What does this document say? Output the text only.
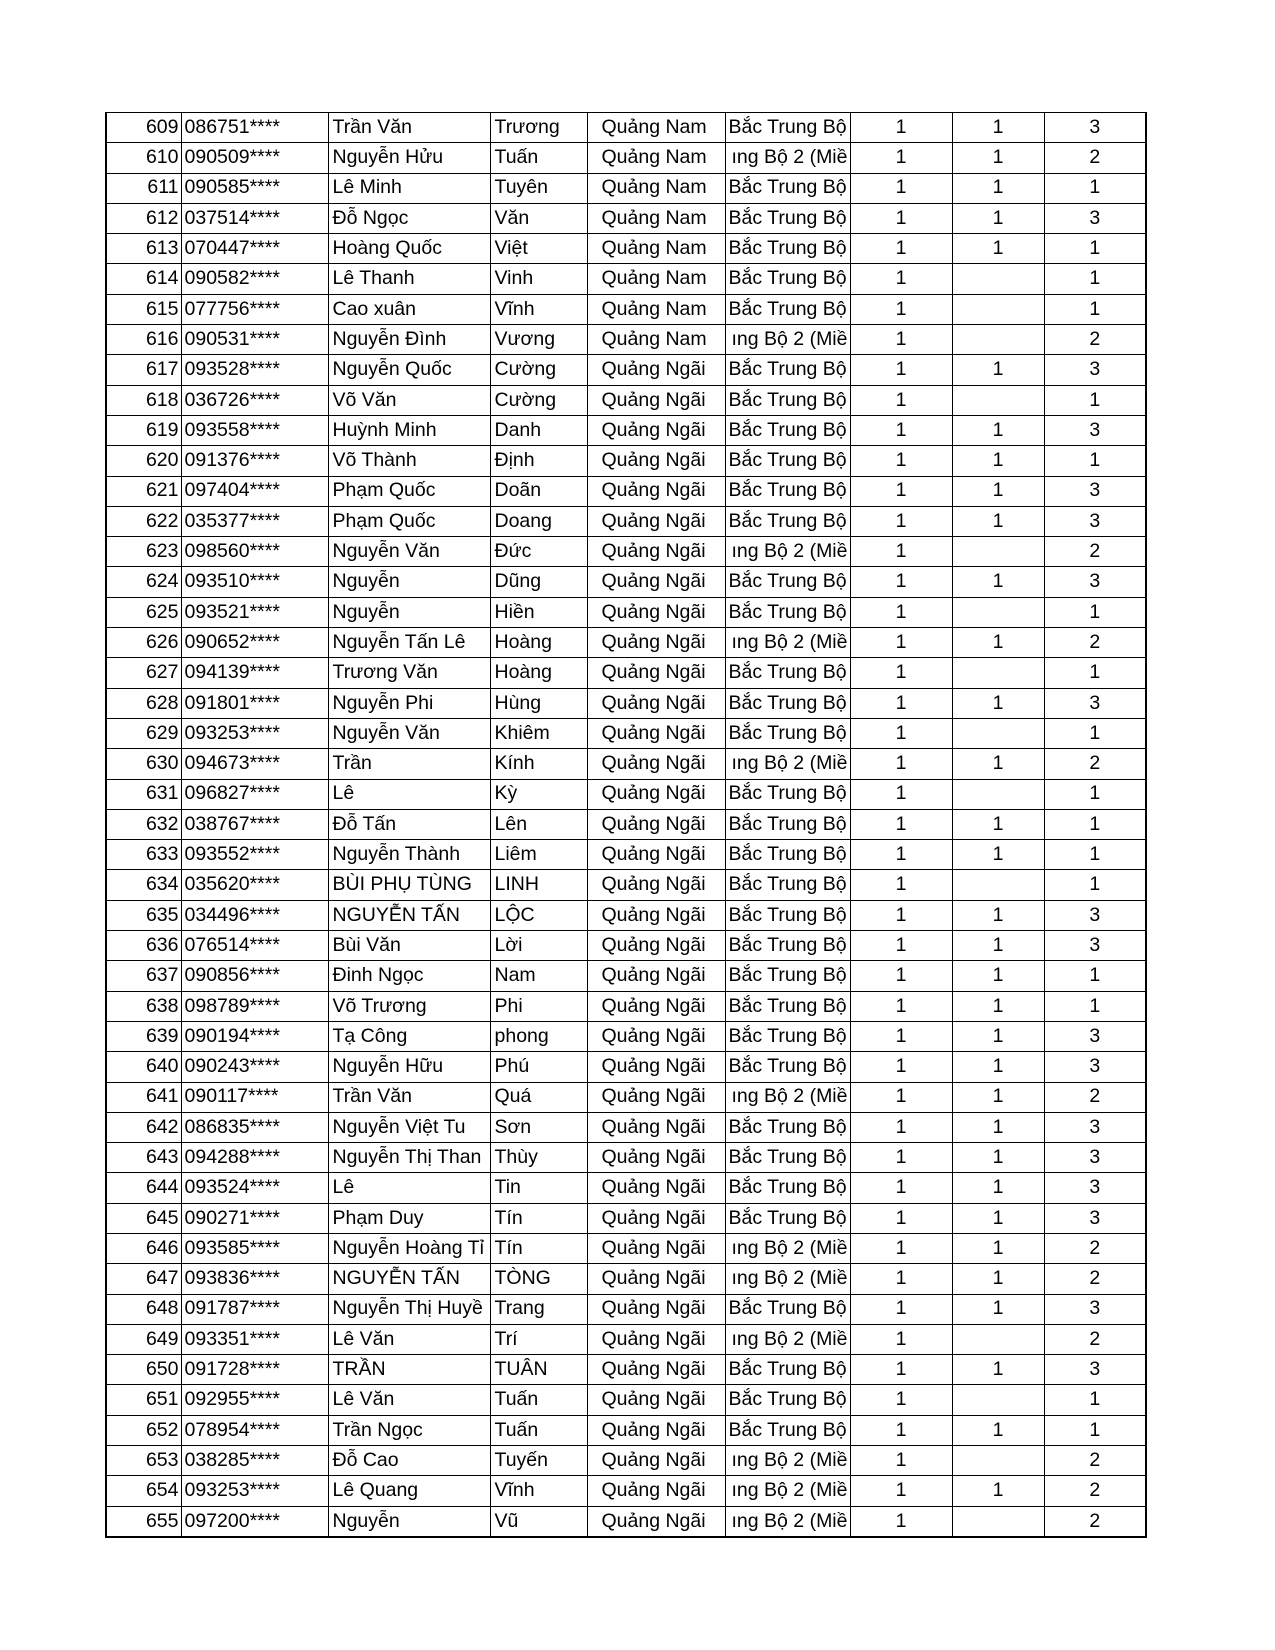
609	086751****	Trần Văn	Trương	Quảng Nam	Bắc Trung Bộ	1	1	3
610	090509****	Nguyễn Hửu	Tuấn	Quảng Nam	ıng Bộ 2 (Miề	1	1	2
611	090585****	Lê Minh	Tuyên	Quảng Nam	Bắc Trung Bộ	1	1	1
612	037514****	Đỗ Ngọc	Văn	Quảng Nam	Bắc Trung Bộ	1	1	3
613	070447****	Hoàng Quốc	Việt	Quảng Nam	Bắc Trung Bộ	1	1	1
614	090582****	Lê Thanh	Vinh	Quảng Nam	Bắc Trung Bộ	1		1
615	077756****	Cao xuân	Vĩnh	Quảng Nam	Bắc Trung Bộ	1		1
616	090531****	Nguyễn Đình	Vương	Quảng Nam	ıng Bộ 2 (Miề	1		2
617	093528****	Nguyễn Quốc	Cường	Quảng Ngãi	Bắc Trung Bộ	1	1	3
618	036726****	Võ Văn	Cường	Quảng Ngãi	Bắc Trung Bộ	1		1
619	093558****	Huỳnh Minh	Danh	Quảng Ngãi	Bắc Trung Bộ	1	1	3
620	091376****	Võ Thành	Định	Quảng Ngãi	Bắc Trung Bộ	1	1	1
621	097404****	Phạm Quốc	Doãn	Quảng Ngãi	Bắc Trung Bộ	1	1	3
622	035377****	Phạm Quốc	Doang	Quảng Ngãi	Bắc Trung Bộ	1	1	3
623	098560****	Nguyễn Văn	Đức	Quảng Ngãi	ıng Bộ 2 (Miề	1		2
624	093510****	Nguyễn	Dũng	Quảng Ngãi	Bắc Trung Bộ	1	1	3
625	093521****	Nguyễn	Hiền	Quảng Ngãi	Bắc Trung Bộ	1		1
626	090652****	Nguyễn Tấn Lê	Hoàng	Quảng Ngãi	ıng Bộ 2 (Miề	1	1	2
627	094139****	Trương Văn	Hoàng	Quảng Ngãi	Bắc Trung Bộ	1		1
628	091801****	Nguyễn Phi	Hùng	Quảng Ngãi	Bắc Trung Bộ	1	1	3
629	093253****	Nguyễn Văn	Khiêm	Quảng Ngãi	Bắc Trung Bộ	1		1
630	094673****	Trần	Kính	Quảng Ngãi	ıng Bộ 2 (Miề	1	1	2
631	096827****	Lê	Kỳ	Quảng Ngãi	Bắc Trung Bộ	1		1
632	038767****	Đỗ Tấn	Lên	Quảng Ngãi	Bắc Trung Bộ	1	1	1
633	093552****	Nguyễn Thành	Liêm	Quảng Ngãi	Bắc Trung Bộ	1	1	1
634	035620****	BÙI PHỤ TÙNG	LINH	Quảng Ngãi	Bắc Trung Bộ	1		1
635	034496****	NGUYỄN TẤN	LỘC	Quảng Ngãi	Bắc Trung Bộ	1	1	3
636	076514****	Bùi Văn	Lời	Quảng Ngãi	Bắc Trung Bộ	1	1	3
637	090856****	Đinh Ngọc	Nam	Quảng Ngãi	Bắc Trung Bộ	1	1	1
638	098789****	Võ Trương	Phi	Quảng Ngãi	Bắc Trung Bộ	1	1	1
639	090194****	Tạ Công	phong	Quảng Ngãi	Bắc Trung Bộ	1	1	3
640	090243****	Nguyễn Hữu	Phú	Quảng Ngãi	Bắc Trung Bộ	1	1	3
641	090117****	Trần Văn	Quá	Quảng Ngãi	ıng Bộ 2 (Miề	1	1	2
642	086835****	Nguyễn Việt Tu	Sơn	Quảng Ngãi	Bắc Trung Bộ	1	1	3
643	094288****	Nguyễn Thị Than	Thùy	Quảng Ngãi	Bắc Trung Bộ	1	1	3
644	093524****	Lê	Tin	Quảng Ngãi	Bắc Trung Bộ	1	1	3
645	090271****	Phạm Duy	Tín	Quảng Ngãi	Bắc Trung Bộ	1	1	3
646	093585****	Nguyễn Hoàng Tỉ	Tín	Quảng Ngãi	ıng Bộ 2 (Miề	1	1	2
647	093836****	NGUYỄN TẤN	TÒNG	Quảng Ngãi	ıng Bộ 2 (Miề	1	1	2
648	091787****	Nguyễn Thị Huyề	Trang	Quảng Ngãi	Bắc Trung Bộ	1	1	3
649	093351****	Lê Văn	Trí	Quảng Ngãi	ıng Bộ 2 (Miề	1		2
650	091728****	TRẦN	TUÂN	Quảng Ngãi	Bắc Trung Bộ	1	1	3
651	092955****	Lê Văn	Tuấn	Quảng Ngãi	Bắc Trung Bộ	1		1
652	078954****	Trần Ngọc	Tuấn	Quảng Ngãi	Bắc Trung Bộ	1	1	1
653	038285****	Đỗ Cao	Tuyến	Quảng Ngãi	ıng Bộ 2 (Miề	1		2
654	093253****	Lê Quang	Vĩnh	Quảng Ngãi	ıng Bộ 2 (Miề	1	1	2
655	097200****	Nguyễn	Vũ	Quảng Ngãi	ıng Bộ 2 (Miề	1		2
